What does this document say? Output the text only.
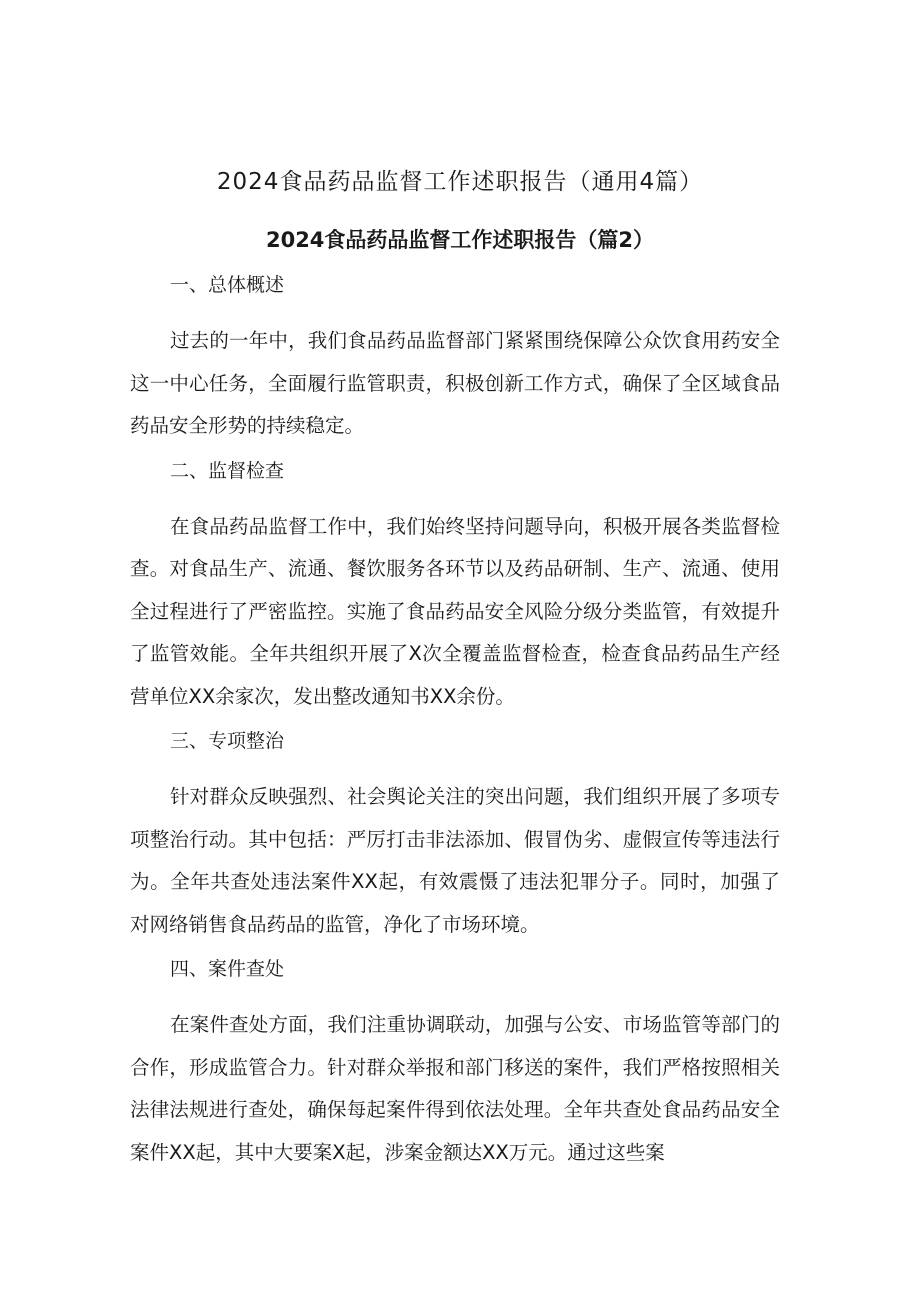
2024食品药品监督工作述职报告（通用4篇）
2024食品药品监督工作述职报告（篇2）
一、总体概述

过去的一年中，我们食品药品监督部门紧紧围绕保障公众饮食用药安全这一中心任务，全面履行监管职责，积极创新工作方式，确保了全区域食品药品安全形势的持续稳定。

二、监督检查

在食品药品监督工作中，我们始终坚持问题导向，积极开展各类监督检查。对食品生产、流通、餐饮服务各环节以及药品研制、生产、流通、使用全过程进行了严密监控。实施了食品药品安全风险分级分类监管，有效提升了监管效能。全年共组织开展了X次全覆盖监督检查，检查食品药品生产经营单位XX余家次，发出整改通知书XX余份。

三、专项整治

针对群众反映强烈、社会舆论关注的突出问题，我们组织开展了多项专项整治行动。其中包括：严厉打击非法添加、假冒伪劣、虚假宣传等违法行为。全年共查处违法案件XX起，有效震慑了违法犯罪分子。同时，加强了对网络销售食品药品的监管，净化了市场环境。

四、案件查处

在案件查处方面，我们注重协调联动，加强与公安、市场监管等部门的合作，形成监管合力。针对群众举报和部门移送的案件，我们严格按照相关法律法规进行查处，确保每起案件得到依法处理。全年共查处食品药品安全案件XX起，其中大要案X起，涉案金额达XX万元。通过这些案
